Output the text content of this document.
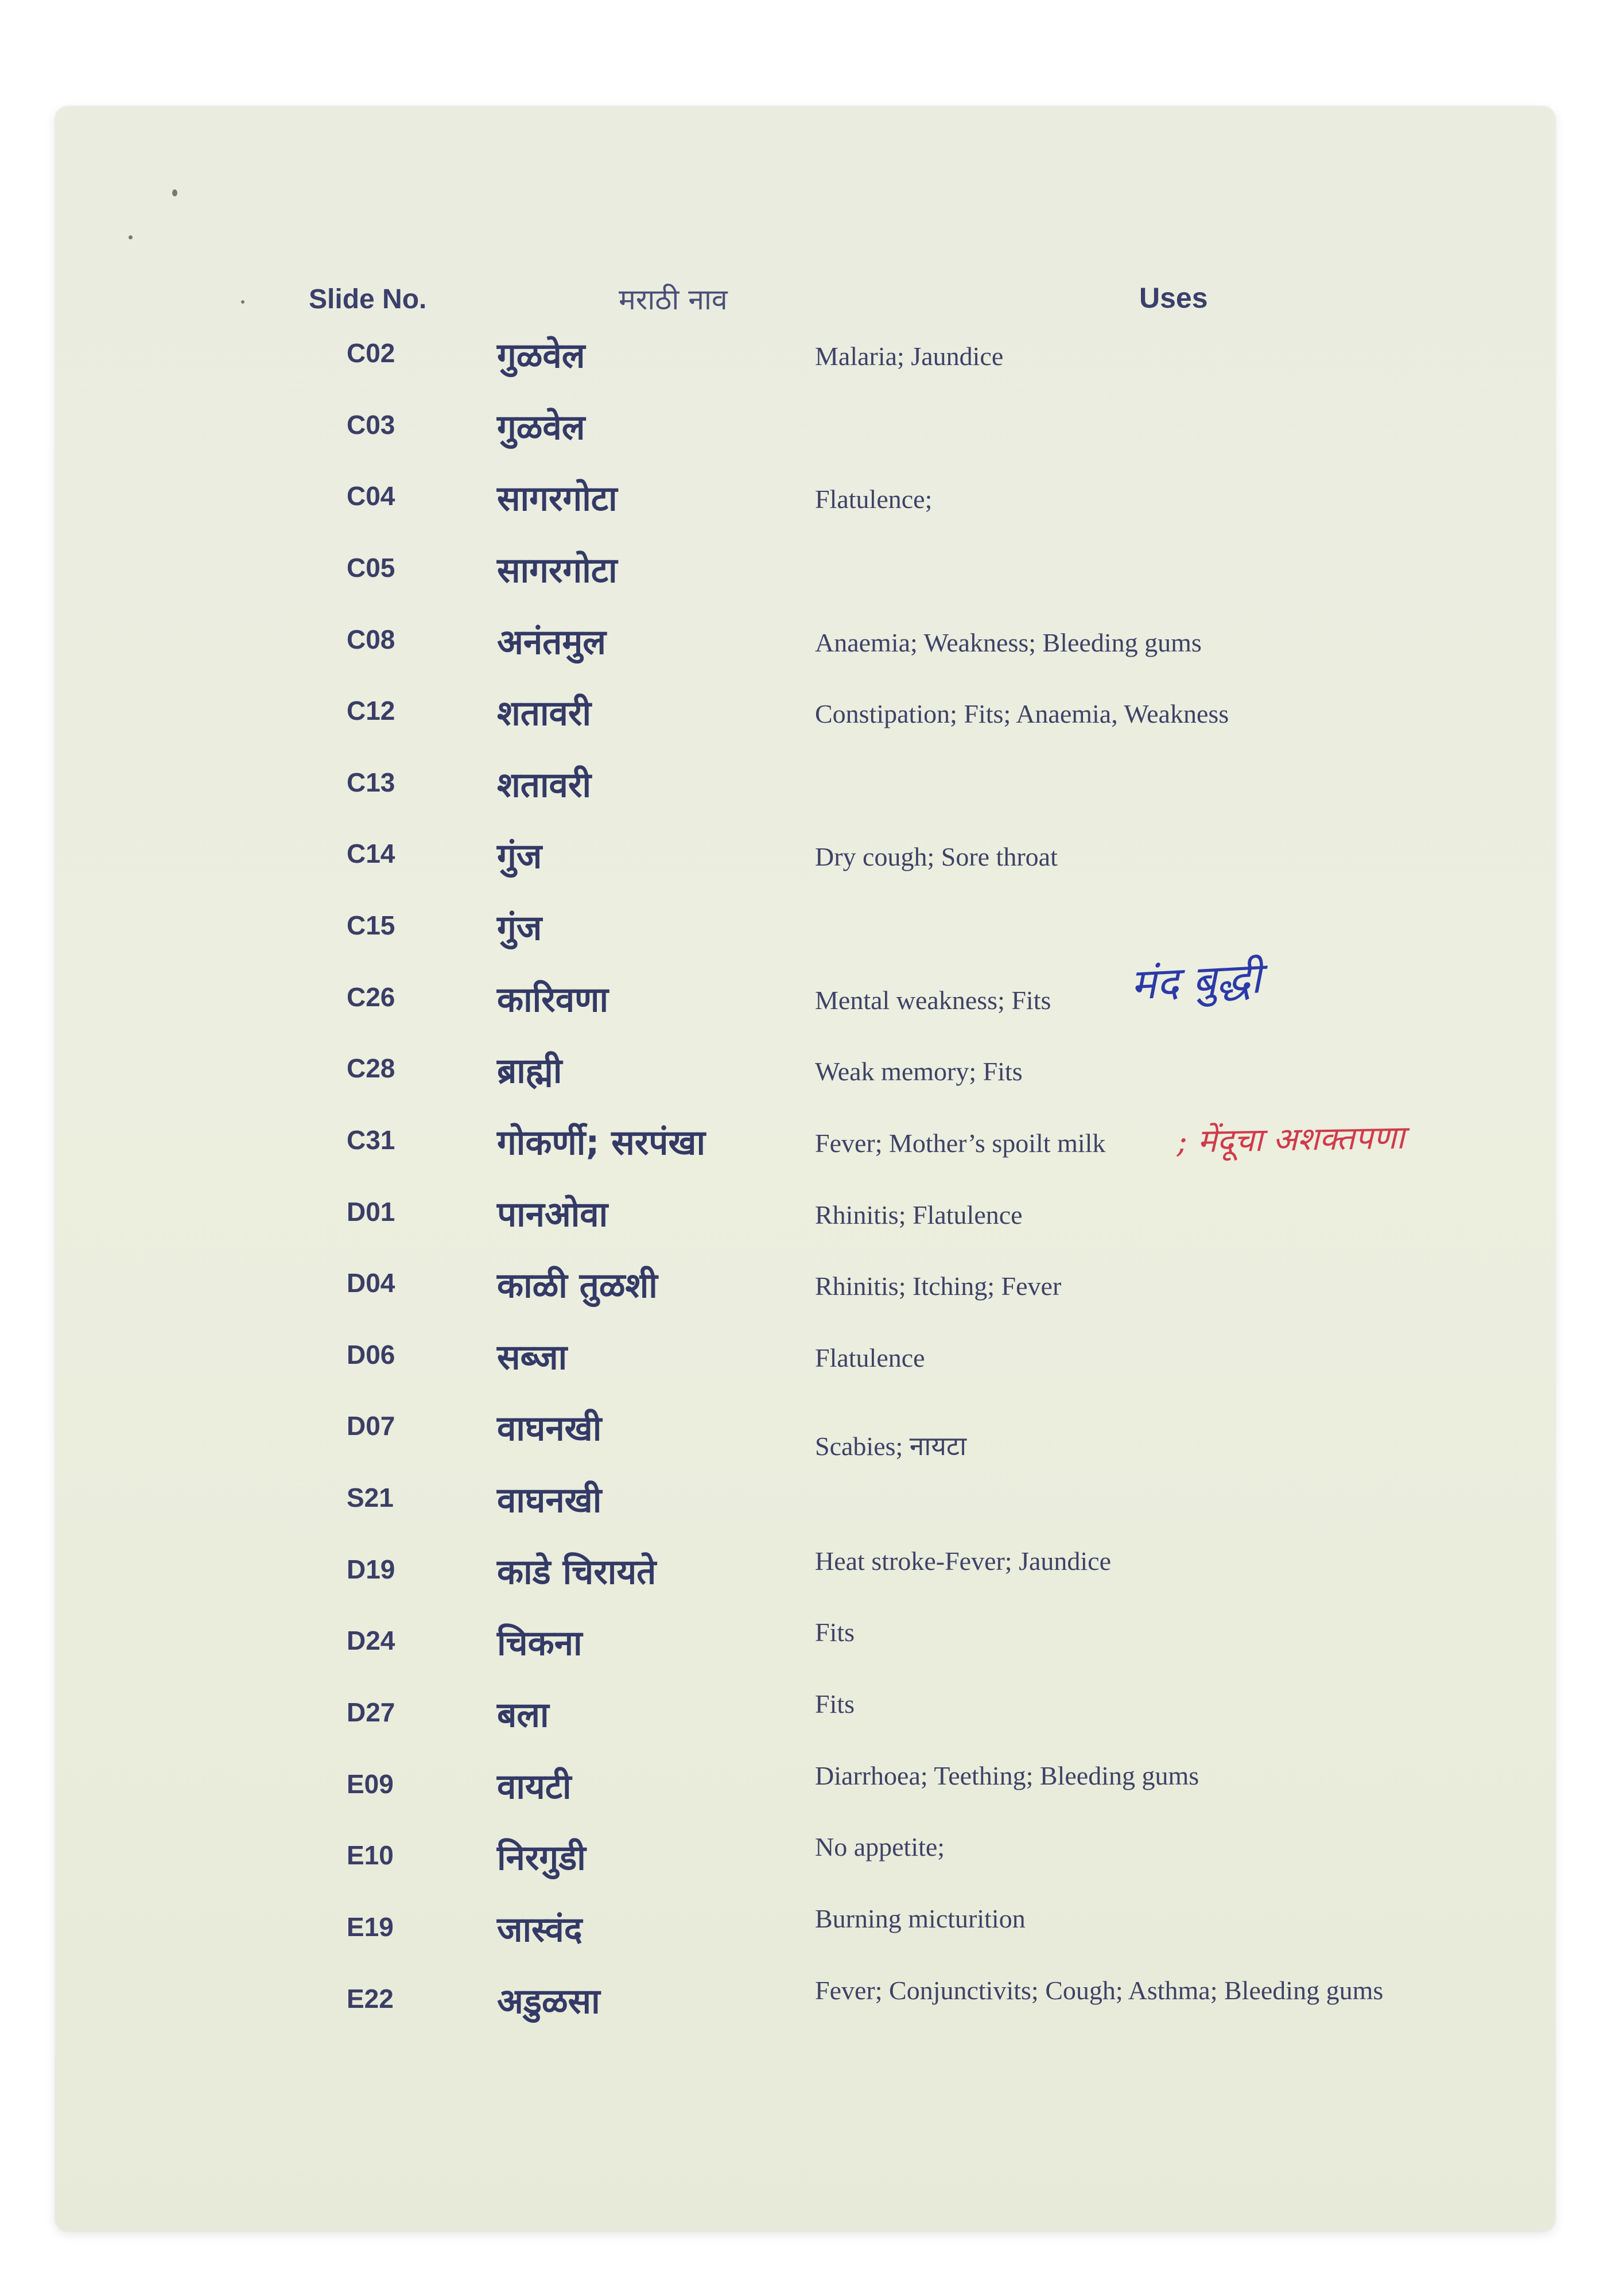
Slide No.	मराठी नाव	Uses
C02	गुळवेल	Malaria; Jaundice
C03	गुळवेल
C04	सागरगोटा	Flatulence;
C05	सागरगोटा
C08	अनंतमुल	Anaemia; Weakness; Bleeding gums
C12	शतावरी	Constipation; Fits; Anaemia, Weakness
C13	शतावरी
C14	गुंज	Dry cough; Sore throat
C15	गुंज
C26	कारिवणा	Mental weakness; Fits	मंद बुद्धी
C28	ब्राह्मी	Weak memory; Fits
C31	गोकर्णी; सरपंखा	Fever; Mother’s spoilt milk	; मेंदूचा अशक्तपणा
D01	पानओवा	Rhinitis; Flatulence
D04	काळी तुळशी	Rhinitis; Itching; Fever
D06	सब्जा	Flatulence
D07	वाघनखी	Scabies; नायटा
S21	वाघनखी
D19	काडे चिरायते	Heat stroke-Fever; Jaundice
D24	चिकना	Fits
D27	बला	Fits
E09	वायटी	Diarrhoea; Teething; Bleeding gums
E10	निरगुडी	No appetite;
E19	जास्वंद	Burning micturition
E22	अडुळसा	Fever; Conjunctivits; Cough; Asthma; Bleeding gums
